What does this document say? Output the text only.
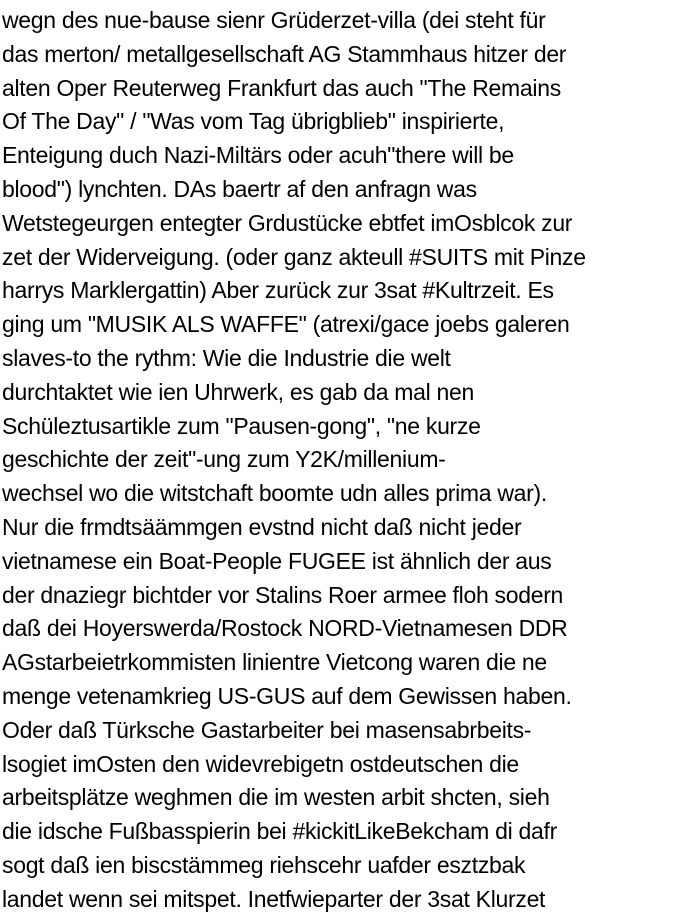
wegn des nue-bause sienr Grüderzet-villa (dei steht für
das merton/ metallgesellschaft AG Stammhaus hitzer der
alten Oper Reuterweg Frankfurt das auch "The Remains
Of The Day" / "Was vom Tag übrigblieb" inspirierte,
Enteigung duch Nazi-Miltärs oder acuh"there will be
blood") lynchten. DAs baertr af den anfragn was
Wetstegeurgen entegter Grdustücke ebtfet imOsblcok zur
zet der Widerveigung. (oder ganz akteull #SUITS mit Pinze
harrys Marklergattin) Aber zurück zur 3sat #Kultrzeit. Es
ging um "MUSIK ALS WAFFE" (atrexi/gace joebs galeren
slaves-to the rythm: Wie die Industrie die welt
durchtaktet wie ien Uhrwerk, es gab da mal nen
Schüleztusartikle zum "Pausen-gong", "ne kurze
geschichte der zeit"-ung zum Y2K/millenium-
wechsel wo die witstchaft boomte udn alles prima war).
Nur die frmdtsäämmgen evstnd nicht daß nicht jeder
vietnamese ein Boat-People FUGEE ist ähnlich der aus
der dnaziegr bichtder vor Stalins Roer armee floh sodern
daß dei Hoyerswerda/Rostock NORD-Vietnamesen DDR
AGstarbeietrkommisten linientre Vietcong waren die ne
menge vetenamkrieg US-GUS auf dem Gewissen haben.
Oder daß Türksche Gastarbeiter bei masensabrbeits-
lsogiet imOsten den widevrebigetn ostdeutschen die
arbeitsplätze weghmen die im westen arbit shcten, sieh
die idsche Fußbasspierin bei #kickitLikeBekcham di dafr
sogt daß ien biscstämmeg riehscehr uafder esztzbak
landet wenn sei mitspet. Inetfwieparter der 3sat Klurzet
